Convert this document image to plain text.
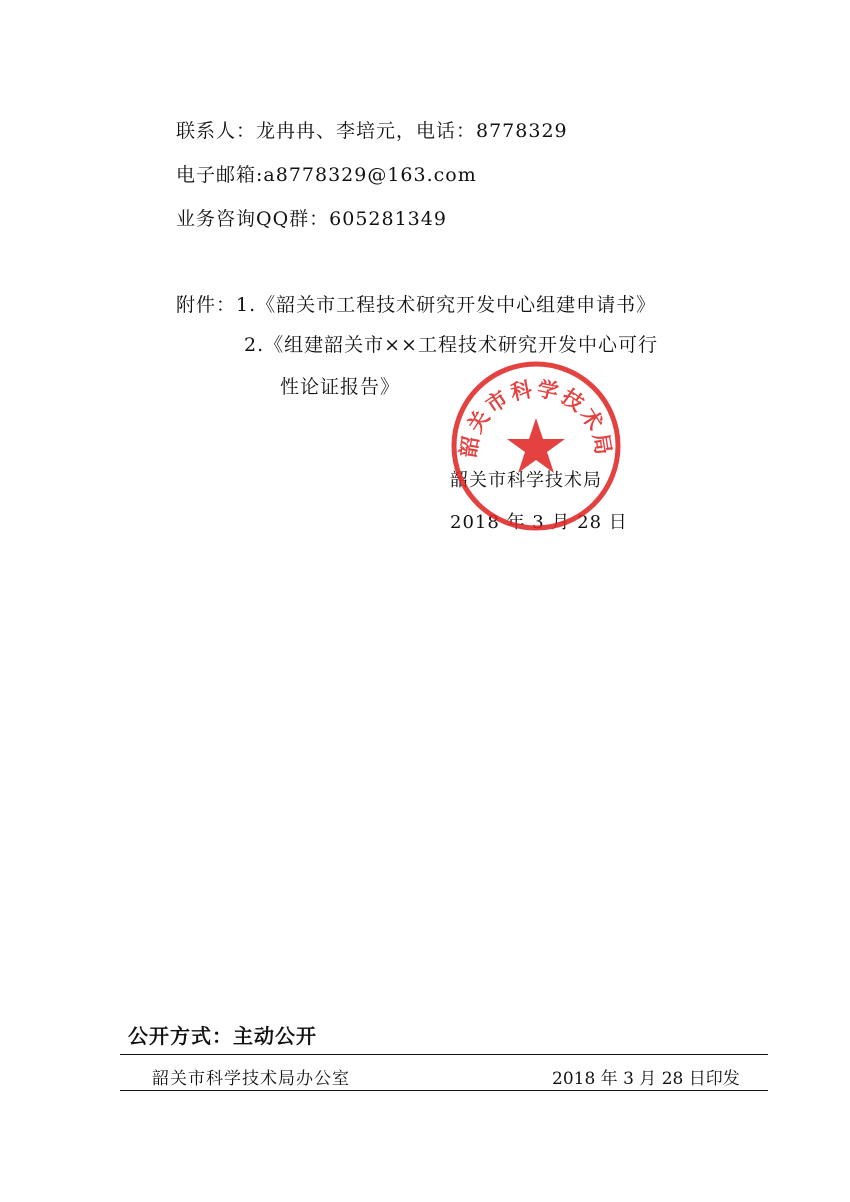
联系人：龙冉冉、李培元，电话：8778329
电子邮箱:a8778329@163.com
业务咨询QQ群：605281349
附件：1.《韶关市工程技术研究开发中心组建申请书》
2.《组建韶关市××工程技术研究开发中心可行
性论证报告》
韶关市科学技术局
2018 年 3 月 28 日
韶关市科学技术局
公开方式：主动公开
韶关市科学技术局办公室	2018 年 3 月 28 日印发
